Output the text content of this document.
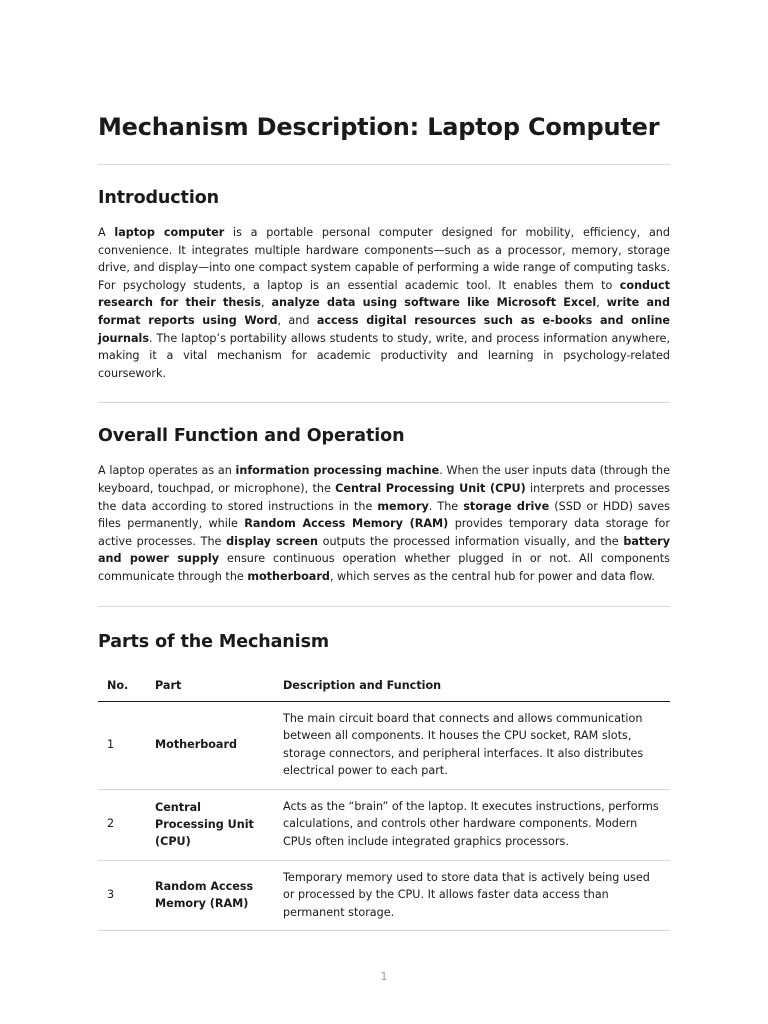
Mechanism Description: Laptop Computer
Introduction

A laptop computer is a portable personal computer designed for mobility, efficiency, and convenience. It integrates multiple hardware components—such as a processor, memory, storage drive, and display—into one compact system capable of performing a wide range of computing tasks. For psychology students, a laptop is an essential academic tool. It enables them to conduct research for their thesis, analyze data using software like Microsoft Excel, write and format reports using Word, and access digital resources such as e-books and online journals. The laptop’s portability allows students to study, write, and process information anywhere, making it a vital mechanism for academic productivity and learning in psychology-related coursework.

Overall Function and Operation

A laptop operates as an information processing machine. When the user inputs data (through the keyboard, touchpad, or microphone), the Central Processing Unit (CPU) interprets and processes the data according to stored instructions in the memory. The storage drive (SSD or HDD) saves files permanently, while Random Access Memory (RAM) provides temporary data storage for active processes. The display screen outputs the processed information visually, and the battery and power supply ensure continuous operation whether plugged in or not. All components communicate through the motherboard, which serves as the central hub for power and data flow.

Parts of the Mechanism
No.	Part	Description and Function
1	Motherboard	The main circuit board that connects and allows communication between all components. It houses the CPU socket, RAM slots, storage connectors, and peripheral interfaces. It also distributes electrical power to each part.
2	Central Processing Unit (CPU)	Acts as the “brain” of the laptop. It executes instructions, performs calculations, and controls other hardware components. Modern CPUs often include integrated graphics processors.
3	Random Access Memory (RAM)	Temporary memory used to store data that is actively being used or processed by the CPU. It allows faster data access than permanent storage.
1
